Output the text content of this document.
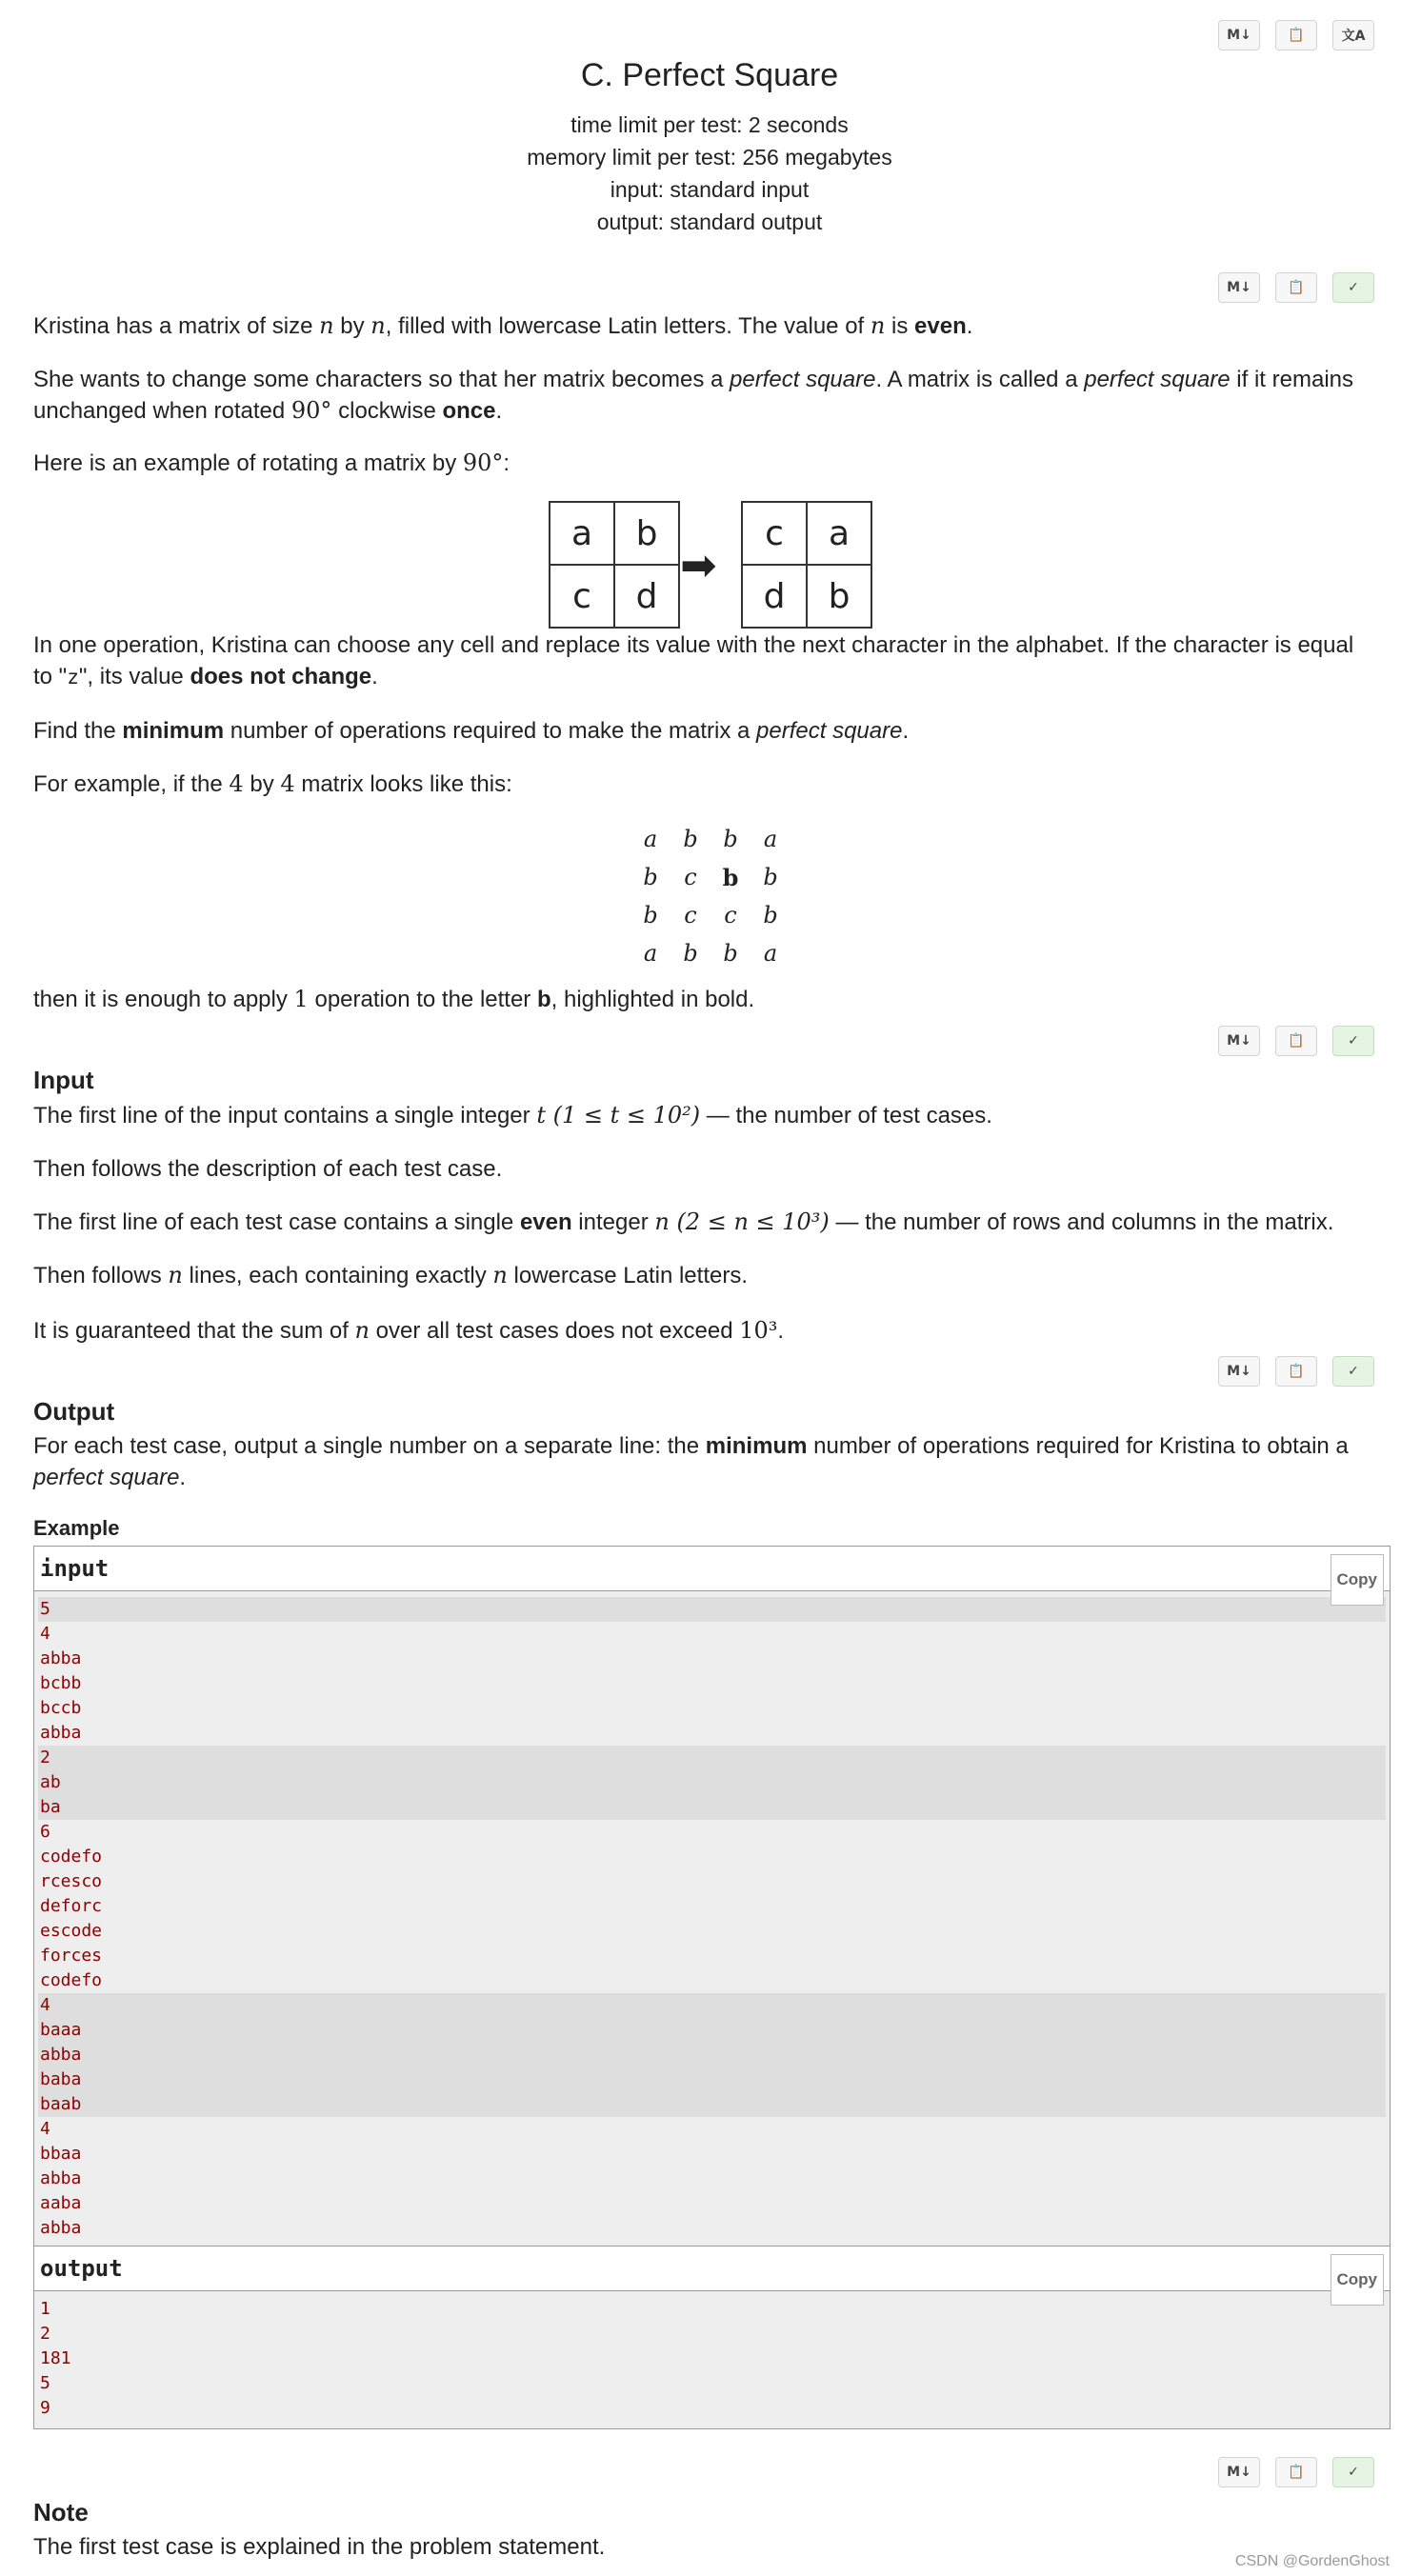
M↓	📋	文A
C. Perfect Square
time limit per test: 2 seconds
memory limit per test: 256 megabytes
input: standard input
output: standard output
M↓	📋	✓

Kristina has a matrix of size n by n, filled with lowercase Latin letters. The value of n is even.

She wants to change some characters so that her matrix becomes a perfect square. A matrix is called a perfect square if it remains unchanged when rotated 90° clockwise once.

Here is an example of rotating a matrix by 90°:

a	b
c	d
➡
c	a
d	b

In one operation, Kristina can choose any cell and replace its value with the next character in the alphabet. If the character is equal to "z", its value does not change.

Find the minimum number of operations required to make the matrix a perfect square.

For example, if the 4 by 4 matrix looks like this:

a	b	b	a
b	c	b	b
b	c	c	b
a	b	b	a

then it is enough to apply 1 operation to the letter b, highlighted in bold.

M↓	📋	✓
Input

The first line of the input contains a single integer t (1 ≤ t ≤ 10²) — the number of test cases.

Then follows the description of each test case.

The first line of each test case contains a single even integer n (2 ≤ n ≤ 10³) — the number of rows and columns in the matrix.

Then follows n lines, each containing exactly n lowercase Latin letters.

It is guaranteed that the sum of n over all test cases does not exceed 10³.

M↓	📋	✓
Output

For each test case, output a single number on a separate line: the minimum number of operations required for Kristina to obtain a perfect square.

Example
input	Copy
5
4
abba
bcbb
bccb
abba
2
ab
ba
6
codefo
rcesco
deforc
escode
forces
codefo
4
baaa
abba
baba
baab
4
bbaa
abba
aaba
abba
output	Copy
1
2
181
5
9
M↓	📋	✓
Note

The first test case is explained in the problem statement.

CSDN @GordenGhost
